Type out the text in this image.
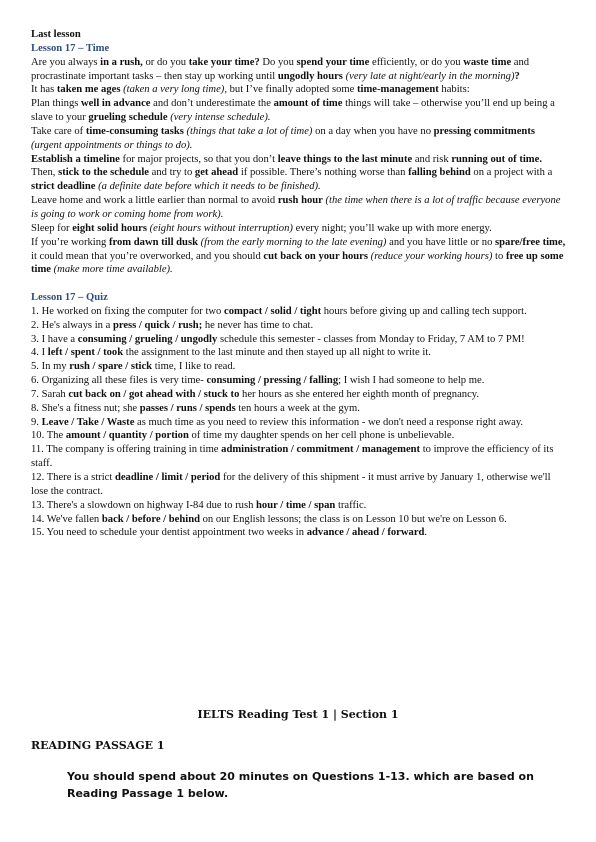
Last lesson
Lesson 17 – Time

Are you always in a rush, or do you take your time? Do you spend your time efficiently, or do you waste time and procrastinate important tasks – then stay up working until ungodly hours (very late at night/early in the morning)?

It has taken me ages (taken a very long time), but I’ve finally adopted some time-management habits:

Plan things well in advance and don’t underestimate the amount of time things will take – otherwise you’ll end up being a slave to your grueling schedule (very intense schedule).

Take care of time-consuming tasks (things that take a lot of time) on a day when you have no pressing commitments (urgent appointments or things to do).

Establish a timeline for major projects, so that you don’t leave things to the last minute and risk running out of time. Then, stick to the schedule and try to get ahead if possible. There’s nothing worse than falling behind on a project with a strict deadline (a definite date before which it needs to be finished).

Leave home and work a little earlier than normal to avoid rush hour (the time when there is a lot of traffic because everyone is going to work or coming home from work).

Sleep for eight solid hours (eight hours without interruption) every night; you’ll wake up with more energy.

If you’re working from dawn till dusk (from the early morning to the late evening) and you have little or no spare/free time, it could mean that you’re overworked, and you should cut back on your hours (reduce your working hours) to free up some time (make more time available).

Lesson 17 – Quiz

1. He worked on fixing the computer for two compact / solid / tight hours before giving up and calling tech support.

2. He's always in a press / quick / rush; he never has time to chat.

3. I have a consuming / grueling / ungodly schedule this semester - classes from Monday to Friday, 7 AM to 7 PM!

4. I left / spent / took the assignment to the last minute and then stayed up all night to write it.

5. In my rush / spare / stick time, I like to read.

6. Organizing all these files is very time- consuming / pressing / falling; I wish I had someone to help me.

7. Sarah cut back on / got ahead with / stuck to her hours as she entered her eighth month of pregnancy.

8. She's a fitness nut; she passes / runs / spends ten hours a week at the gym.

9. Leave / Take / Waste as much time as you need to review this information - we don't need a response right away.

10. The amount / quantity / portion of time my daughter spends on her cell phone is unbelievable.

11. The company is offering training in time administration / commitment / management to improve the efficiency of its staff.

12. There is a strict deadline / limit / period for the delivery of this shipment - it must arrive by January 1, otherwise we'll lose the contract.

13. There's a slowdown on highway I-84 due to rush hour / time / span traffic.

14. We've fallen back / before / behind on our English lessons; the class is on Lesson 10 but we're on Lesson 6.

15. You need to schedule your dentist appointment two weeks in advance / ahead / forward.

IELTS Reading Test 1 | Section 1
READING PASSAGE 1
You should spend about 20 minutes on Questions 1-13. which are based on Reading Passage 1 below.
